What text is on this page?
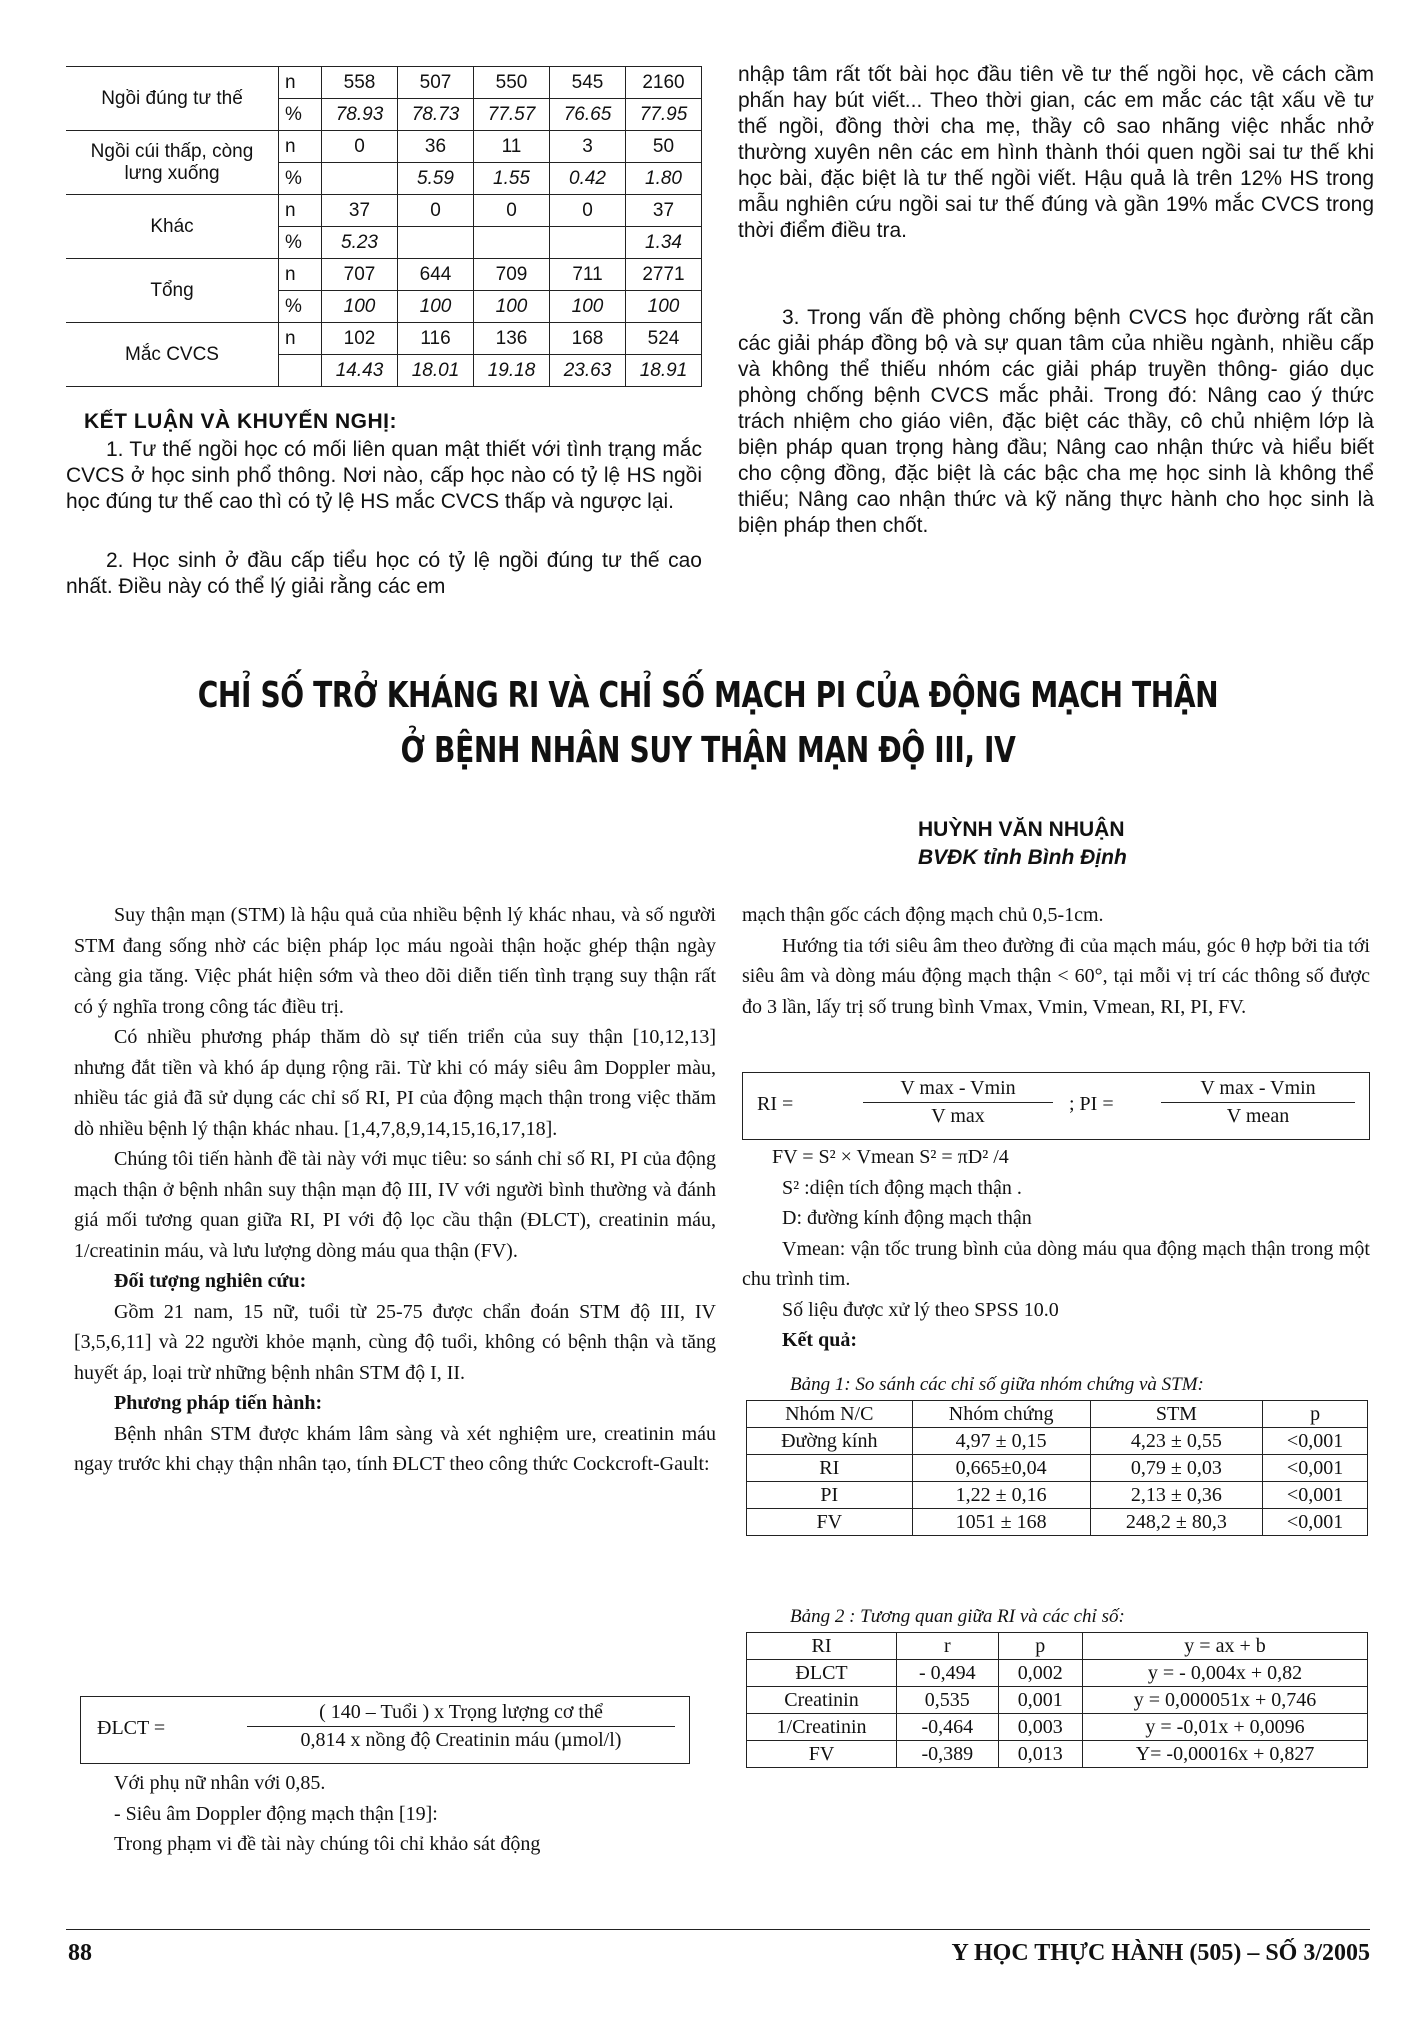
Ngồi đúng tư thế	n	558	507	550	545	2160
	%	78.93	78.73	77.57	76.65	77.95
Ngồi cúi thấp, còng lưng xuống	n	0	36	11	3	50
	%		5.59	1.55	0.42	1.80
Khác	n	37	0	0	0	37
	%	5.23				1.34
Tổng	n	707	644	709	711	2771
	%	100	100	100	100	100
Mắc CVCS	n	102	116	136	168	524
		14.43	18.01	19.18	23.63	18.91
KẾT LUẬN VÀ KHUYẾN NGHỊ:

1. Tư thế ngồi học có mối liên quan mật thiết với tình trạng mắc CVCS ở học sinh phổ thông. Nơi nào, cấp học nào có tỷ lệ HS ngồi học đúng tư thế cao thì có tỷ lệ HS mắc CVCS thấp và ngược lại.

2. Học sinh ở đầu cấp tiểu học có tỷ lệ ngồi đúng tư thế cao nhất. Điều này có thể lý giải rằng các em

nhập tâm rất tốt bài học đầu tiên về tư thế ngồi học, về cách cầm phấn hay bút viết... Theo thời gian, các em mắc các tật xấu về tư thế ngồi, đồng thời cha mẹ, thầy cô sao nhãng việc nhắc nhở thường xuyên nên các em hình thành thói quen ngồi sai tư thế khi học bài, đặc biệt là tư thế ngồi viết. Hậu quả là trên 12% HS trong mẫu nghiên cứu ngồi sai tư thế đúng và gần 19% mắc CVCS trong thời điểm điều tra.

3. Trong vấn đề phòng chống bệnh CVCS học đường rất cần các giải pháp đồng bộ và sự quan tâm của nhiều ngành, nhiều cấp và không thể thiếu nhóm các giải pháp truyền thông- giáo dục phòng chống bệnh CVCS mắc phải. Trong đó: Nâng cao ý thức trách nhiệm cho giáo viên, đặc biệt các thầy, cô chủ nhiệm lớp là biện pháp quan trọng hàng đầu; Nâng cao nhận thức và hiểu biết cho cộng đồng, đặc biệt là các bậc cha mẹ học sinh là không thể thiếu; Nâng cao nhận thức và kỹ năng thực hành cho học sinh là biện pháp then chốt.

CHỈ SỐ TRỞ KHÁNG RI VÀ CHỈ SỐ MẠCH PI CỦA ĐỘNG MẠCH THẬN
Ở BỆNH NHÂN SUY THẬN MẠN ĐỘ III, IV
HUỲNH VĂN NHUẬN
BVĐK tỉnh Bình Định

Suy thận mạn (STM) là hậu quả của nhiều bệnh lý khác nhau, và số người STM đang sống nhờ các biện pháp lọc máu ngoài thận hoặc ghép thận ngày càng gia tăng. Việc phát hiện sớm và theo dõi diễn tiến tình trạng suy thận rất có ý nghĩa trong công tác điều trị.

Có nhiều phương pháp thăm dò sự tiến triển của suy thận [10,12,13] nhưng đắt tiền và khó áp dụng rộng rãi. Từ khi có máy siêu âm Doppler màu, nhiều tác giả đã sử dụng các chỉ số RI, PI của động mạch thận trong việc thăm dò nhiều bệnh lý thận khác nhau. [1,4,7,8,9,14,15,16,17,18].

Chúng tôi tiến hành đề tài này với mục tiêu: so sánh chỉ số RI, PI của động mạch thận ở bệnh nhân suy thận mạn độ III, IV với người bình thường và đánh giá mối tương quan giữa RI, PI với độ lọc cầu thận (ĐLCT), creatinin máu, 1/creatinin máu, và lưu lượng dòng máu qua thận (FV).

Đối tượng nghiên cứu:

Gồm 21 nam, 15 nữ, tuổi từ 25-75 được chẩn đoán STM độ III, IV [3,5,6,11] và 22 người khỏe mạnh, cùng độ tuổi, không có bệnh thận và tăng huyết áp, loại trừ những bệnh nhân STM độ I, II.

Phương pháp tiến hành:

Bệnh nhân STM được khám lâm sàng và xét nghiệm ure, creatinin máu ngay trước khi chạy thận nhân tạo, tính ĐLCT theo công thức Cockcroft-Gault:

ĐLCT =
( 140 – Tuổi ) x Trọng lượng cơ thể
0,814 x nồng độ Creatinin máu (µmol/l)

Với phụ nữ nhân với 0,85.

- Siêu âm Doppler động mạch thận [19]:

Trong phạm vi đề tài này chúng tôi chỉ khảo sát động

mạch thận gốc cách động mạch chủ 0,5-1cm.

Hướng tia tới siêu âm theo đường đi của mạch máu, góc θ hợp bởi tia tới siêu âm và dòng máu động mạch thận < 60°, tại mỗi vị trí các thông số được đo 3 lần, lấy trị số trung bình Vmax, Vmin, Vmean, RI, PI, FV.

RI =
V max - Vmin
V max
; PI =
V max - Vmin
V mean

FV = S² × Vmean S² = πD² /4

S² :diện tích động mạch thận .

D: đường kính động mạch thận

Vmean: vận tốc trung bình của dòng máu qua động mạch thận trong một chu trình tim.

Số liệu được xử lý theo SPSS 10.0

Kết quả:

Bảng 1: So sánh các chỉ số giữa nhóm chứng và STM:
Nhóm N/C	Nhóm chứng	STM	p
Đường kính	4,97 ± 0,15	4,23 ± 0,55	<0,001
RI	0,665±0,04	0,79 ± 0,03	<0,001
PI	1,22 ± 0,16	2,13 ± 0,36	<0,001
FV	1051 ± 168	248,2 ± 80,3	<0,001
Bảng 2 : Tương quan giữa RI và các chỉ số:
RI	r	p	y = ax + b
ĐLCT	- 0,494	0,002	y = - 0,004x + 0,82
Creatinin	0,535	0,001	y = 0,000051x + 0,746
1/Creatinin	-0,464	0,003	y = -0,01x + 0,0096
FV	-0,389	0,013	Y= -0,00016x + 0,827
88	Y HỌC THỰC HÀNH (505) – SỐ 3/2005
